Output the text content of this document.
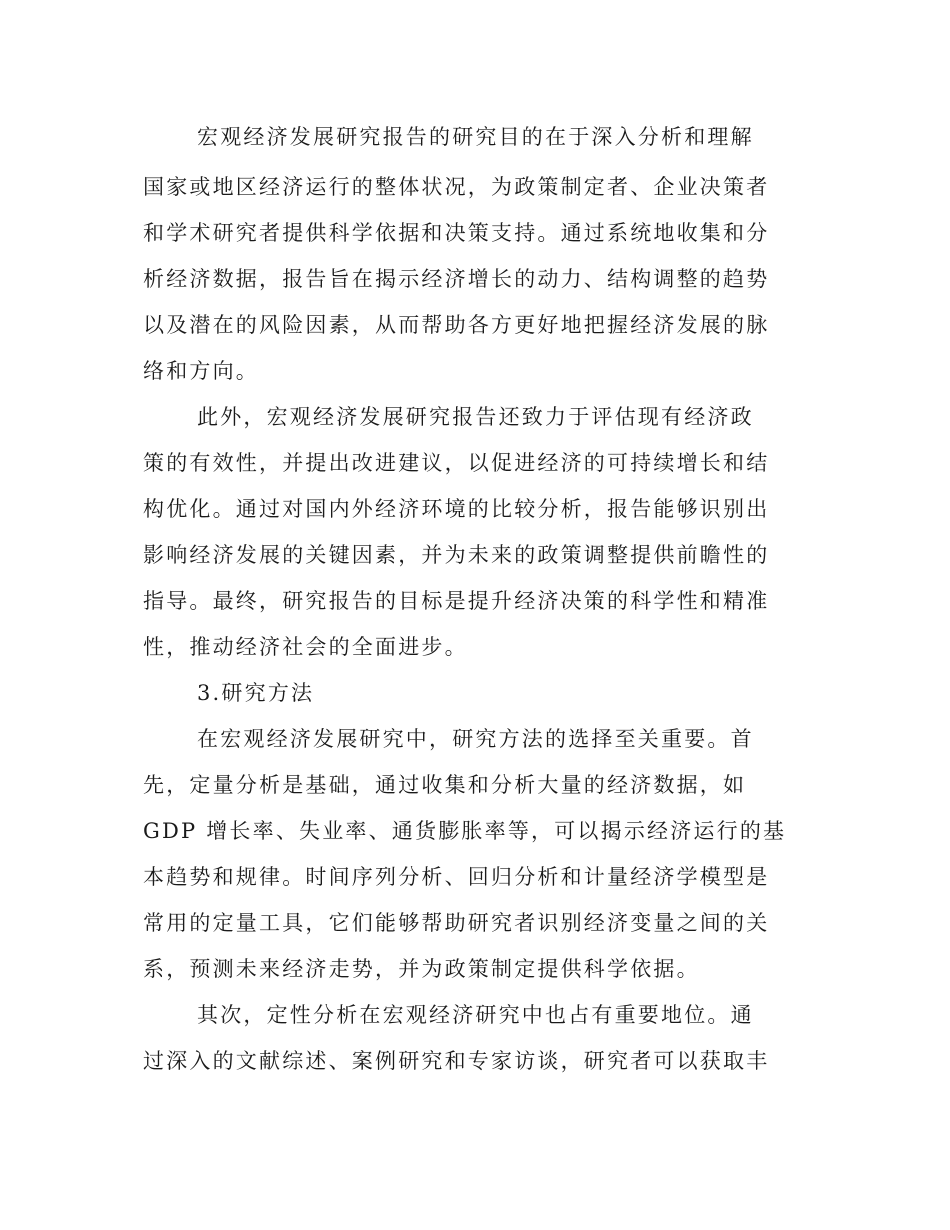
宏观经济发展研究报告的研究目的在于深入分析和理解
国家或地区经济运行的整体状况，为政策制定者、企业决策者
和学术研究者提供科学依据和决策支持。通过系统地收集和分
析经济数据，报告旨在揭示经济增长的动力、结构调整的趋势
以及潜在的风险因素，从而帮助各方更好地把握经济发展的脉
络和方向。
此外，宏观经济发展研究报告还致力于评估现有经济政
策的有效性，并提出改进建议，以促进经济的可持续增长和结
构优化。通过对国内外经济环境的比较分析，报告能够识别出
影响经济发展的关键因素，并为未来的政策调整提供前瞻性的
指导。最终，研究报告的目标是提升经济决策的科学性和精准
性，推动经济社会的全面进步。
3.研究方法
在宏观经济发展研究中，研究方法的选择至关重要。首
先，定量分析是基础，通过收集和分析大量的经济数据，如
GDP 增长率、失业率、通货膨胀率等，可以揭示经济运行的基
本趋势和规律。时间序列分析、回归分析和计量经济学模型是
常用的定量工具，它们能够帮助研究者识别经济变量之间的关
系，预测未来经济走势，并为政策制定提供科学依据。
其次，定性分析在宏观经济研究中也占有重要地位。通
过深入的文献综述、案例研究和专家访谈，研究者可以获取丰
